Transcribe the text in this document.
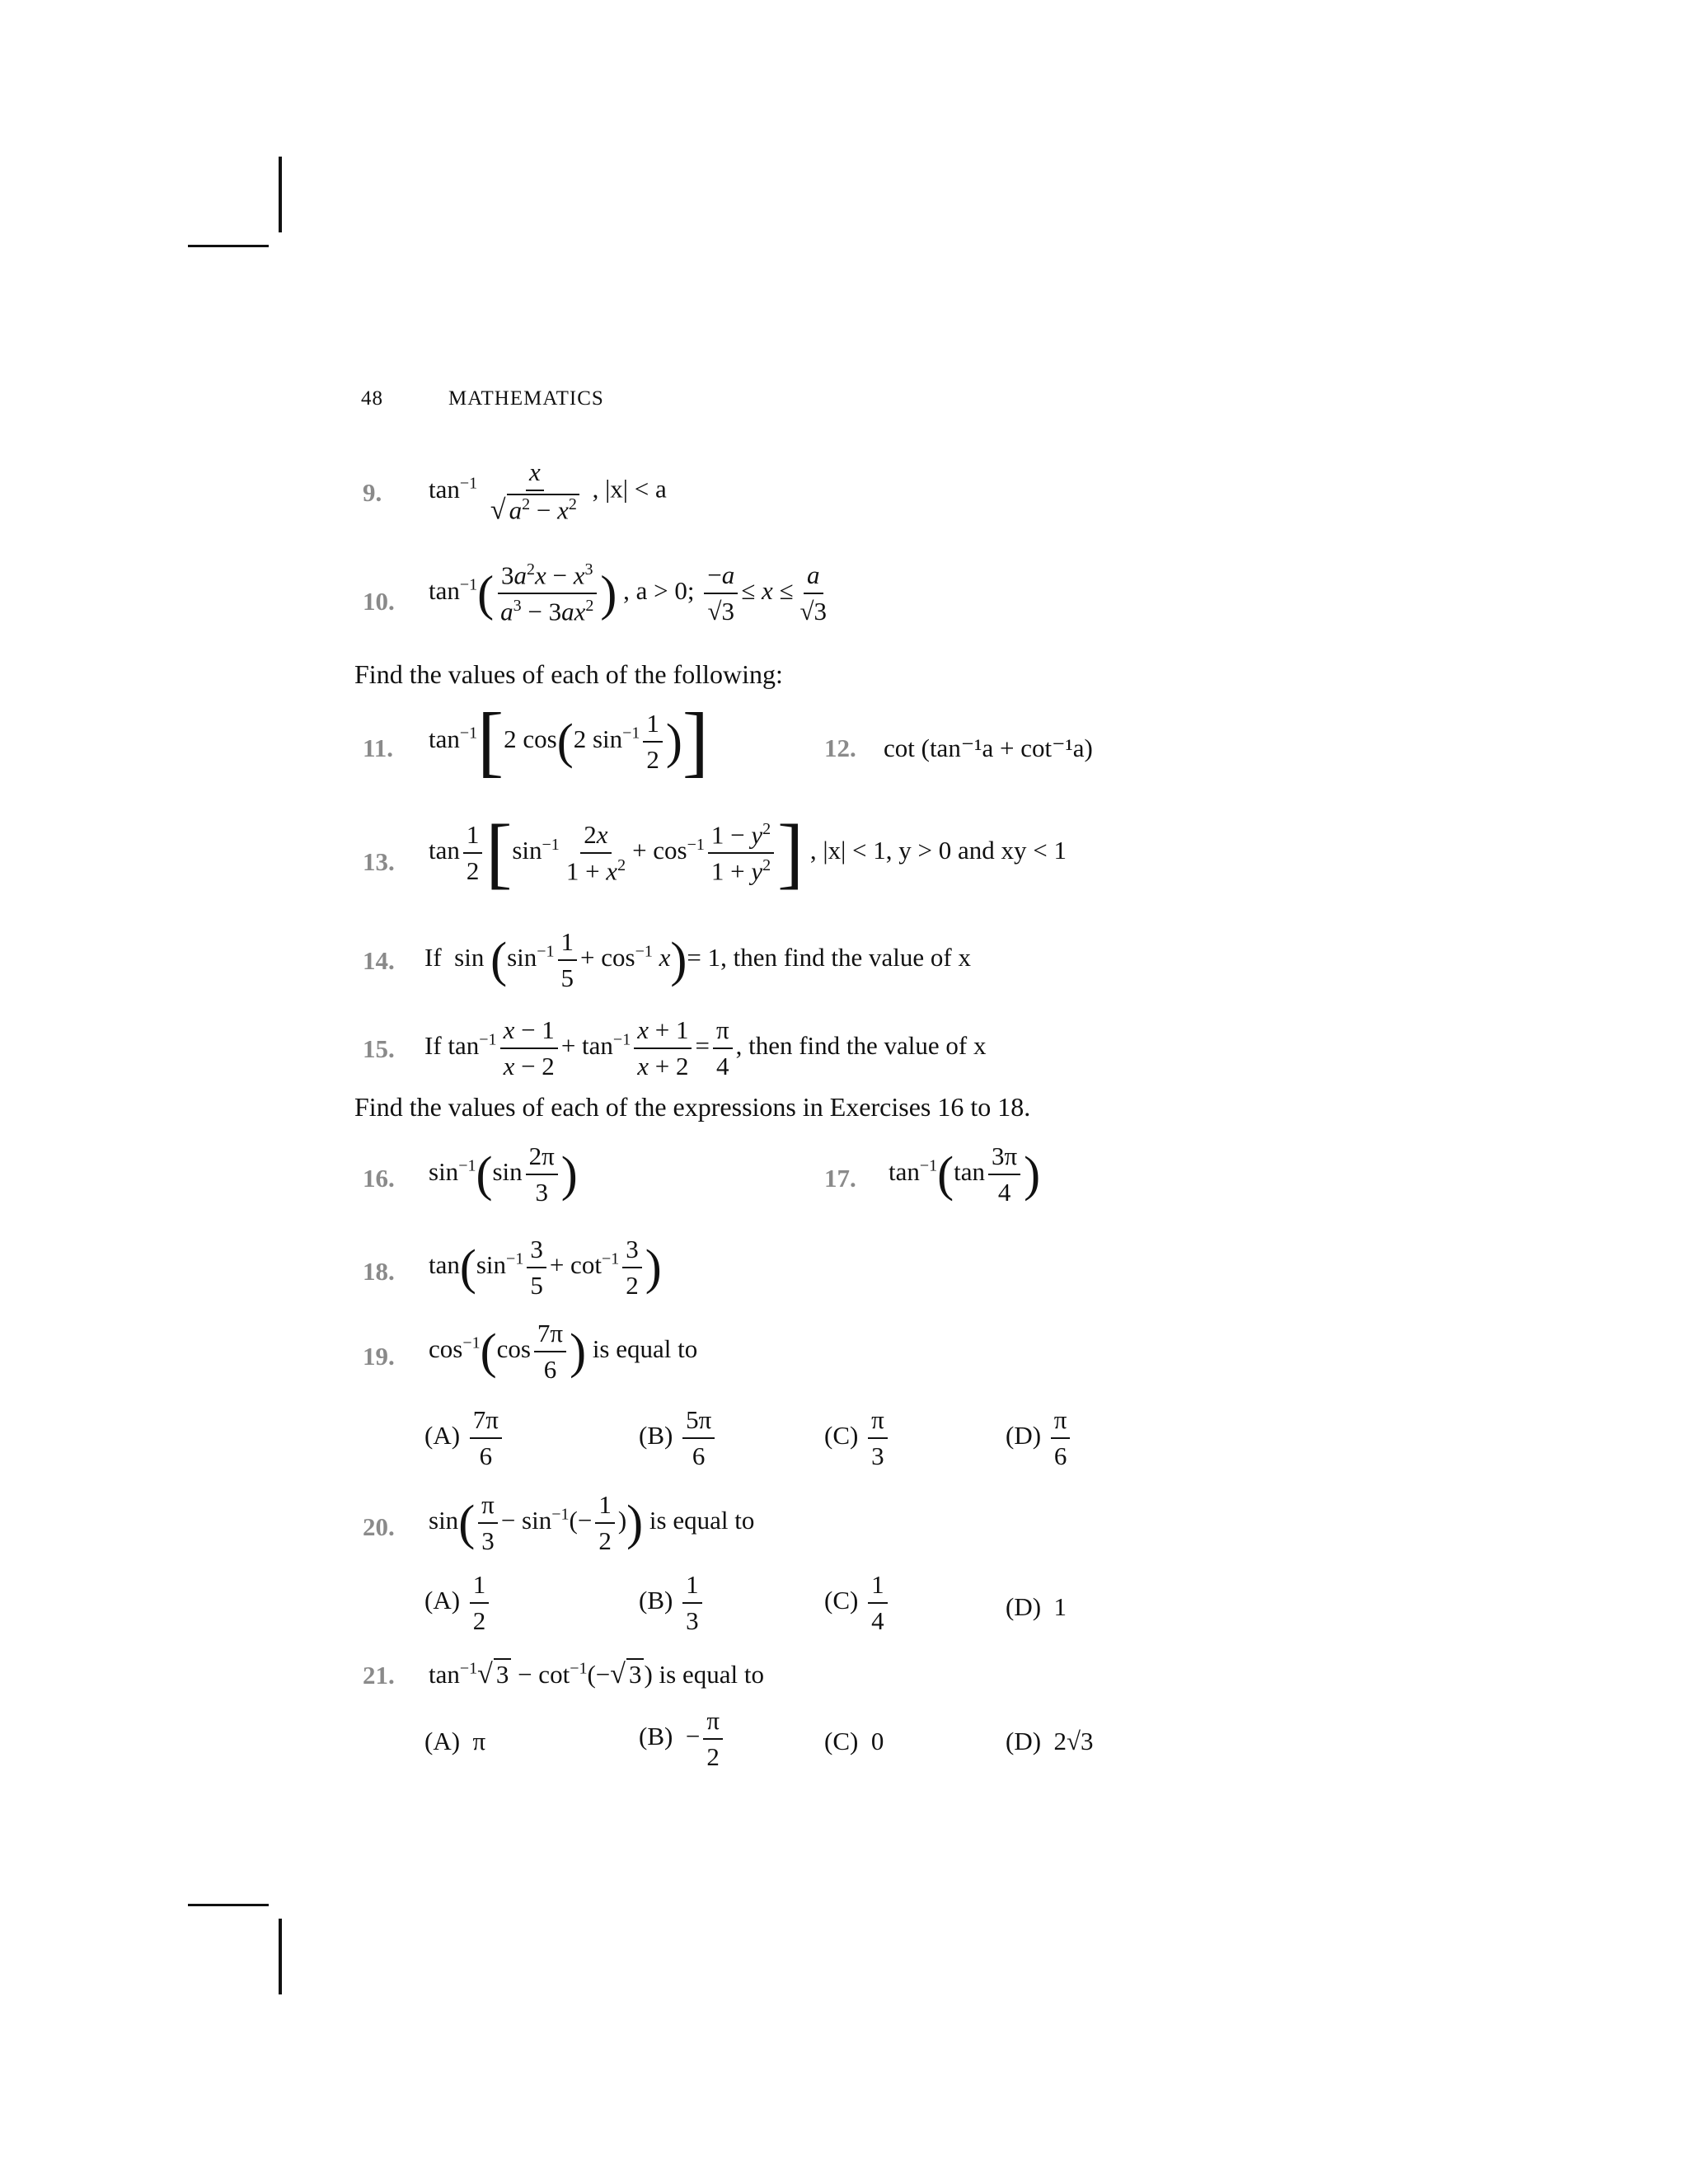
48	MATHEMATICS
9. $\tan^{-1} \frac{x}{√ a^2 - x^2}$ , |x| < a
10. $\tan^{-1}( \frac{3a^2x - x^3}{a^3 - 3ax^2}$ ) , a > 0; $\frac{-a}{√3} \le x \le \frac{a}{√3}$
Find the values of each of the following:
11. $\tan^{-1}[2$ cos(2 $\sin^{-1} \frac{1}{2}$ )]	12. cot (tan⁻¹a + cot⁻¹a)
13. $\tan \frac{1}{2} [\sin^{-1} \frac{2x}{1 + x^2} + \cos^{-1} \frac{1 - y^2}{1 + y^2}$ ] , |x| < 1, y > 0 and xy < 1
14. If  $\sin (\sin^{-1} \frac{1}{5} + \cos^{-1} x)= 1$, then find the value of x
15. If $\tan^{-1} \frac{x - 1}{x - 2} + \tan^{-1} \frac{x + 1}{x + 2} = \frac{\pi}{4}$ , then find the value of x
Find the values of each of the expressions in Exercises 16 to 18.
16. $\sin^{-1}(\sin \frac{2\pi}{3}$ )	17. $\tan^{-1}(\tan \frac{3\pi}{4}$ )
18. $\tan(\sin^{-1} \frac{3}{5} + \cot^{-1} \frac{3}{2}$ )
19. $\cos^{-1}(\cos \frac{7\pi}{6}$ ) is equal to
$(A) \frac{7\pi}{6}$	$(B) \frac{5\pi}{6}$	$(C) \frac{\pi}{3}$	$(D) \frac{\pi}{6}$
20. $\sin( \frac{\pi}{3} - \sin^{-1}(- \frac{1}{2}$ )) is equal to
$(A) \frac{1}{2}$	$(B) \frac{1}{3}$	$(C) \frac{1}{4}$	(D) 1
21. $\tan^{-1}√$ $3 - \cot^{-1}(-√$ 3) is equal to
(A) π	$(B) - \frac{\pi}{2}$	(C) 0	(D) 2√3
